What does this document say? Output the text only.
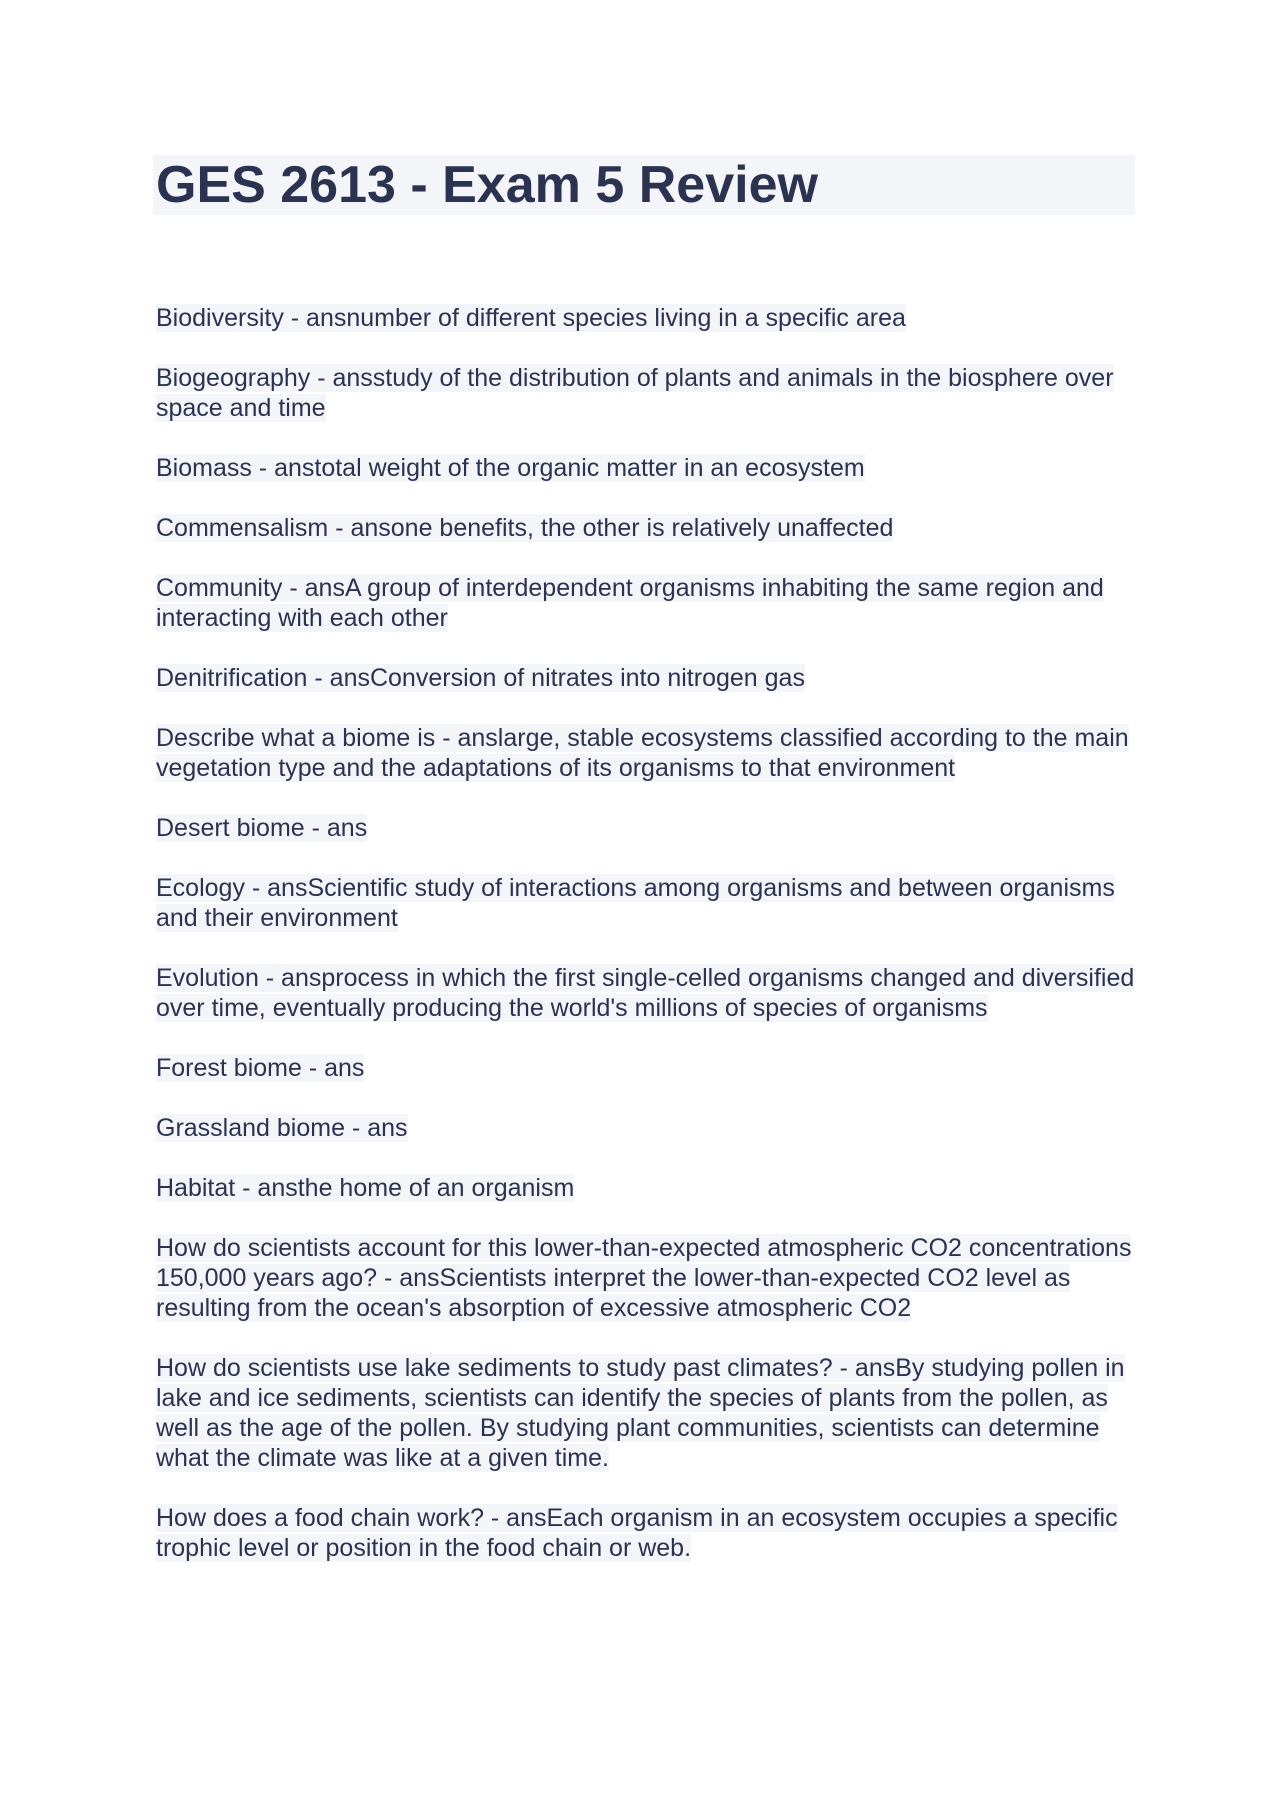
GES 2613 - Exam 5 Review
Biodiversity - ansnumber of different species living in a specific area
Biogeography - ansstudy of the distribution of plants and animals in the biosphere over space and time
Biomass - anstotal weight of the organic matter in an ecosystem
Commensalism - ansone benefits, the other is relatively unaffected
Community - ansA group of interdependent organisms inhabiting the same region and interacting with each other
Denitrification - ansConversion of nitrates into nitrogen gas
Describe what a biome is - anslarge, stable ecosystems classified according to the main vegetation type and the adaptations of its organisms to that environment
Desert biome - ans
Ecology - ansScientific study of interactions among organisms and between organisms and their environment
Evolution - ansprocess in which the first single-celled organisms changed and diversified over time, eventually producing the world's millions of species of organisms
Forest biome - ans
Grassland biome - ans
Habitat - ansthe home of an organism
How do scientists account for this lower-than-expected atmospheric CO2 concentrations 150,000 years ago? - ansScientists interpret the lower-than-expected CO2 level as resulting from the ocean's absorption of excessive atmospheric CO2
How do scientists use lake sediments to study past climates? - ansBy studying pollen in lake and ice sediments, scientists can identify the species of plants from the pollen, as well as the age of the pollen. By studying plant communities, scientists can determine what the climate was like at a given time.
How does a food chain work? - ansEach organism in an ecosystem occupies a specific trophic level or position in the food chain or web.
